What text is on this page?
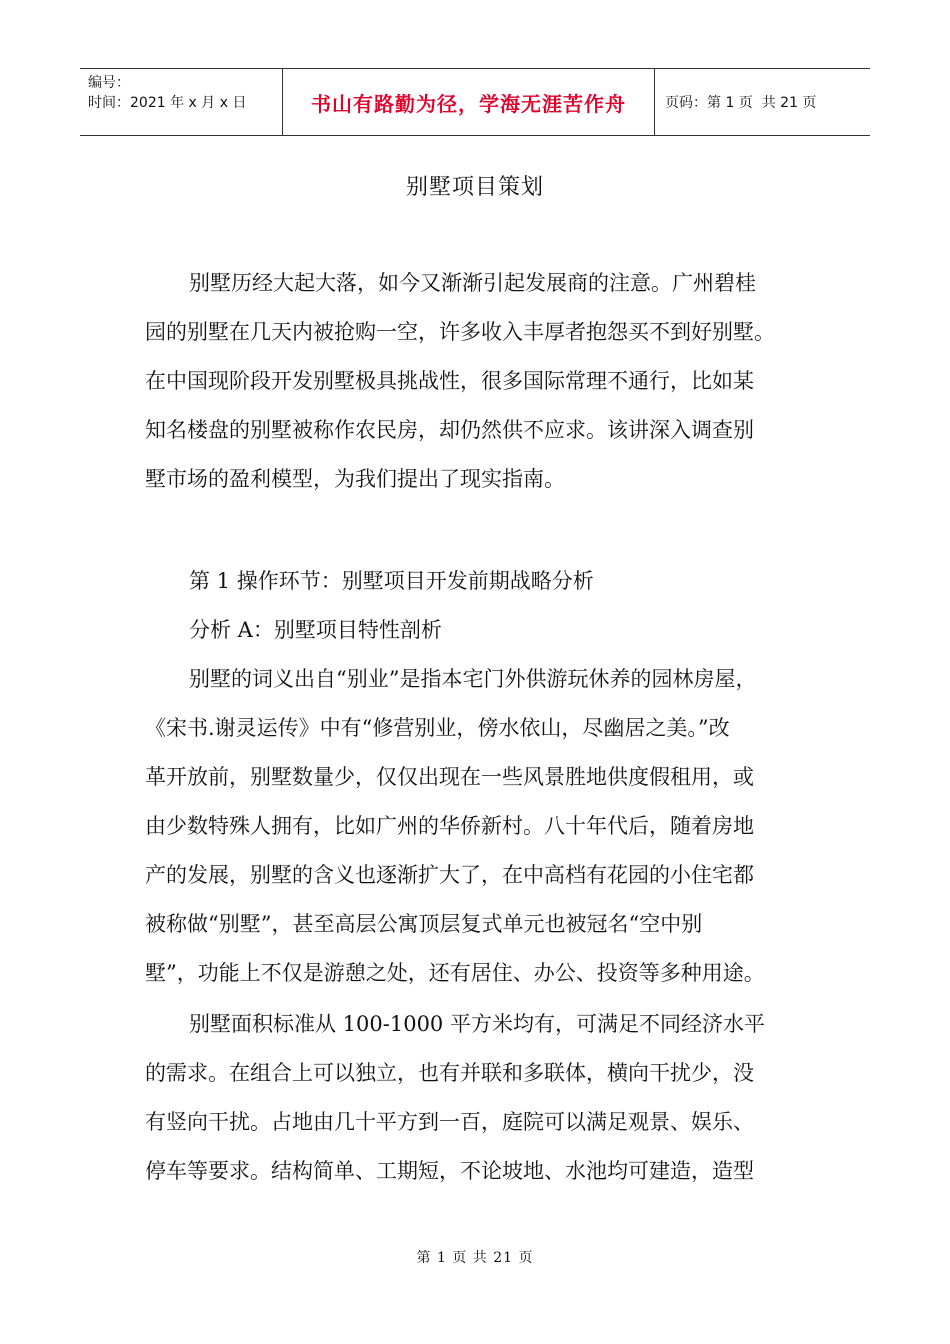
编号：
时间：2021 年 x 月 x 日	书山有路勤为径，学海无涯苦作舟	页码：第 1 页  共 21 页
别墅项目策划

别墅历经大起大落，如今又渐渐引起发展商的注意。广州碧桂
园的别墅在几天内被抢购一空，许多收入丰厚者抱怨买不到好别墅。
在中国现阶段开发别墅极具挑战性，很多国际常理不通行，比如某
知名楼盘的别墅被称作农民房，却仍然供不应求。该讲深入调查别
墅市场的盈利模型，为我们提出了现实指南。

第 1 操作环节：别墅项目开发前期战略分析

分析 A：别墅项目特性剖析

别墅的词义出自“别业”是指本宅门外供游玩休养的园林房屋，
《宋书.谢灵运传》中有“修营别业，傍水依山，尽幽居之美。”改
革开放前，别墅数量少，仅仅出现在一些风景胜地供度假租用，或
由少数特殊人拥有，比如广州的华侨新村。八十年代后，随着房地
产的发展，别墅的含义也逐渐扩大了，在中高档有花园的小住宅都
被称做“别墅”，甚至高层公寓顶层复式单元也被冠名“空中别
墅”，功能上不仅是游憩之处，还有居住、办公、投资等多种用途。

别墅面积标准从 100-1000 平方米均有，可满足不同经济水平
的需求。在组合上可以独立，也有并联和多联体，横向干扰少，没
有竖向干扰。占地由几十平方到一百，庭院可以满足观景、娱乐、
停车等要求。结构简单、工期短，不论坡地、水池均可建造，造型

第 1 页 共 21 页
